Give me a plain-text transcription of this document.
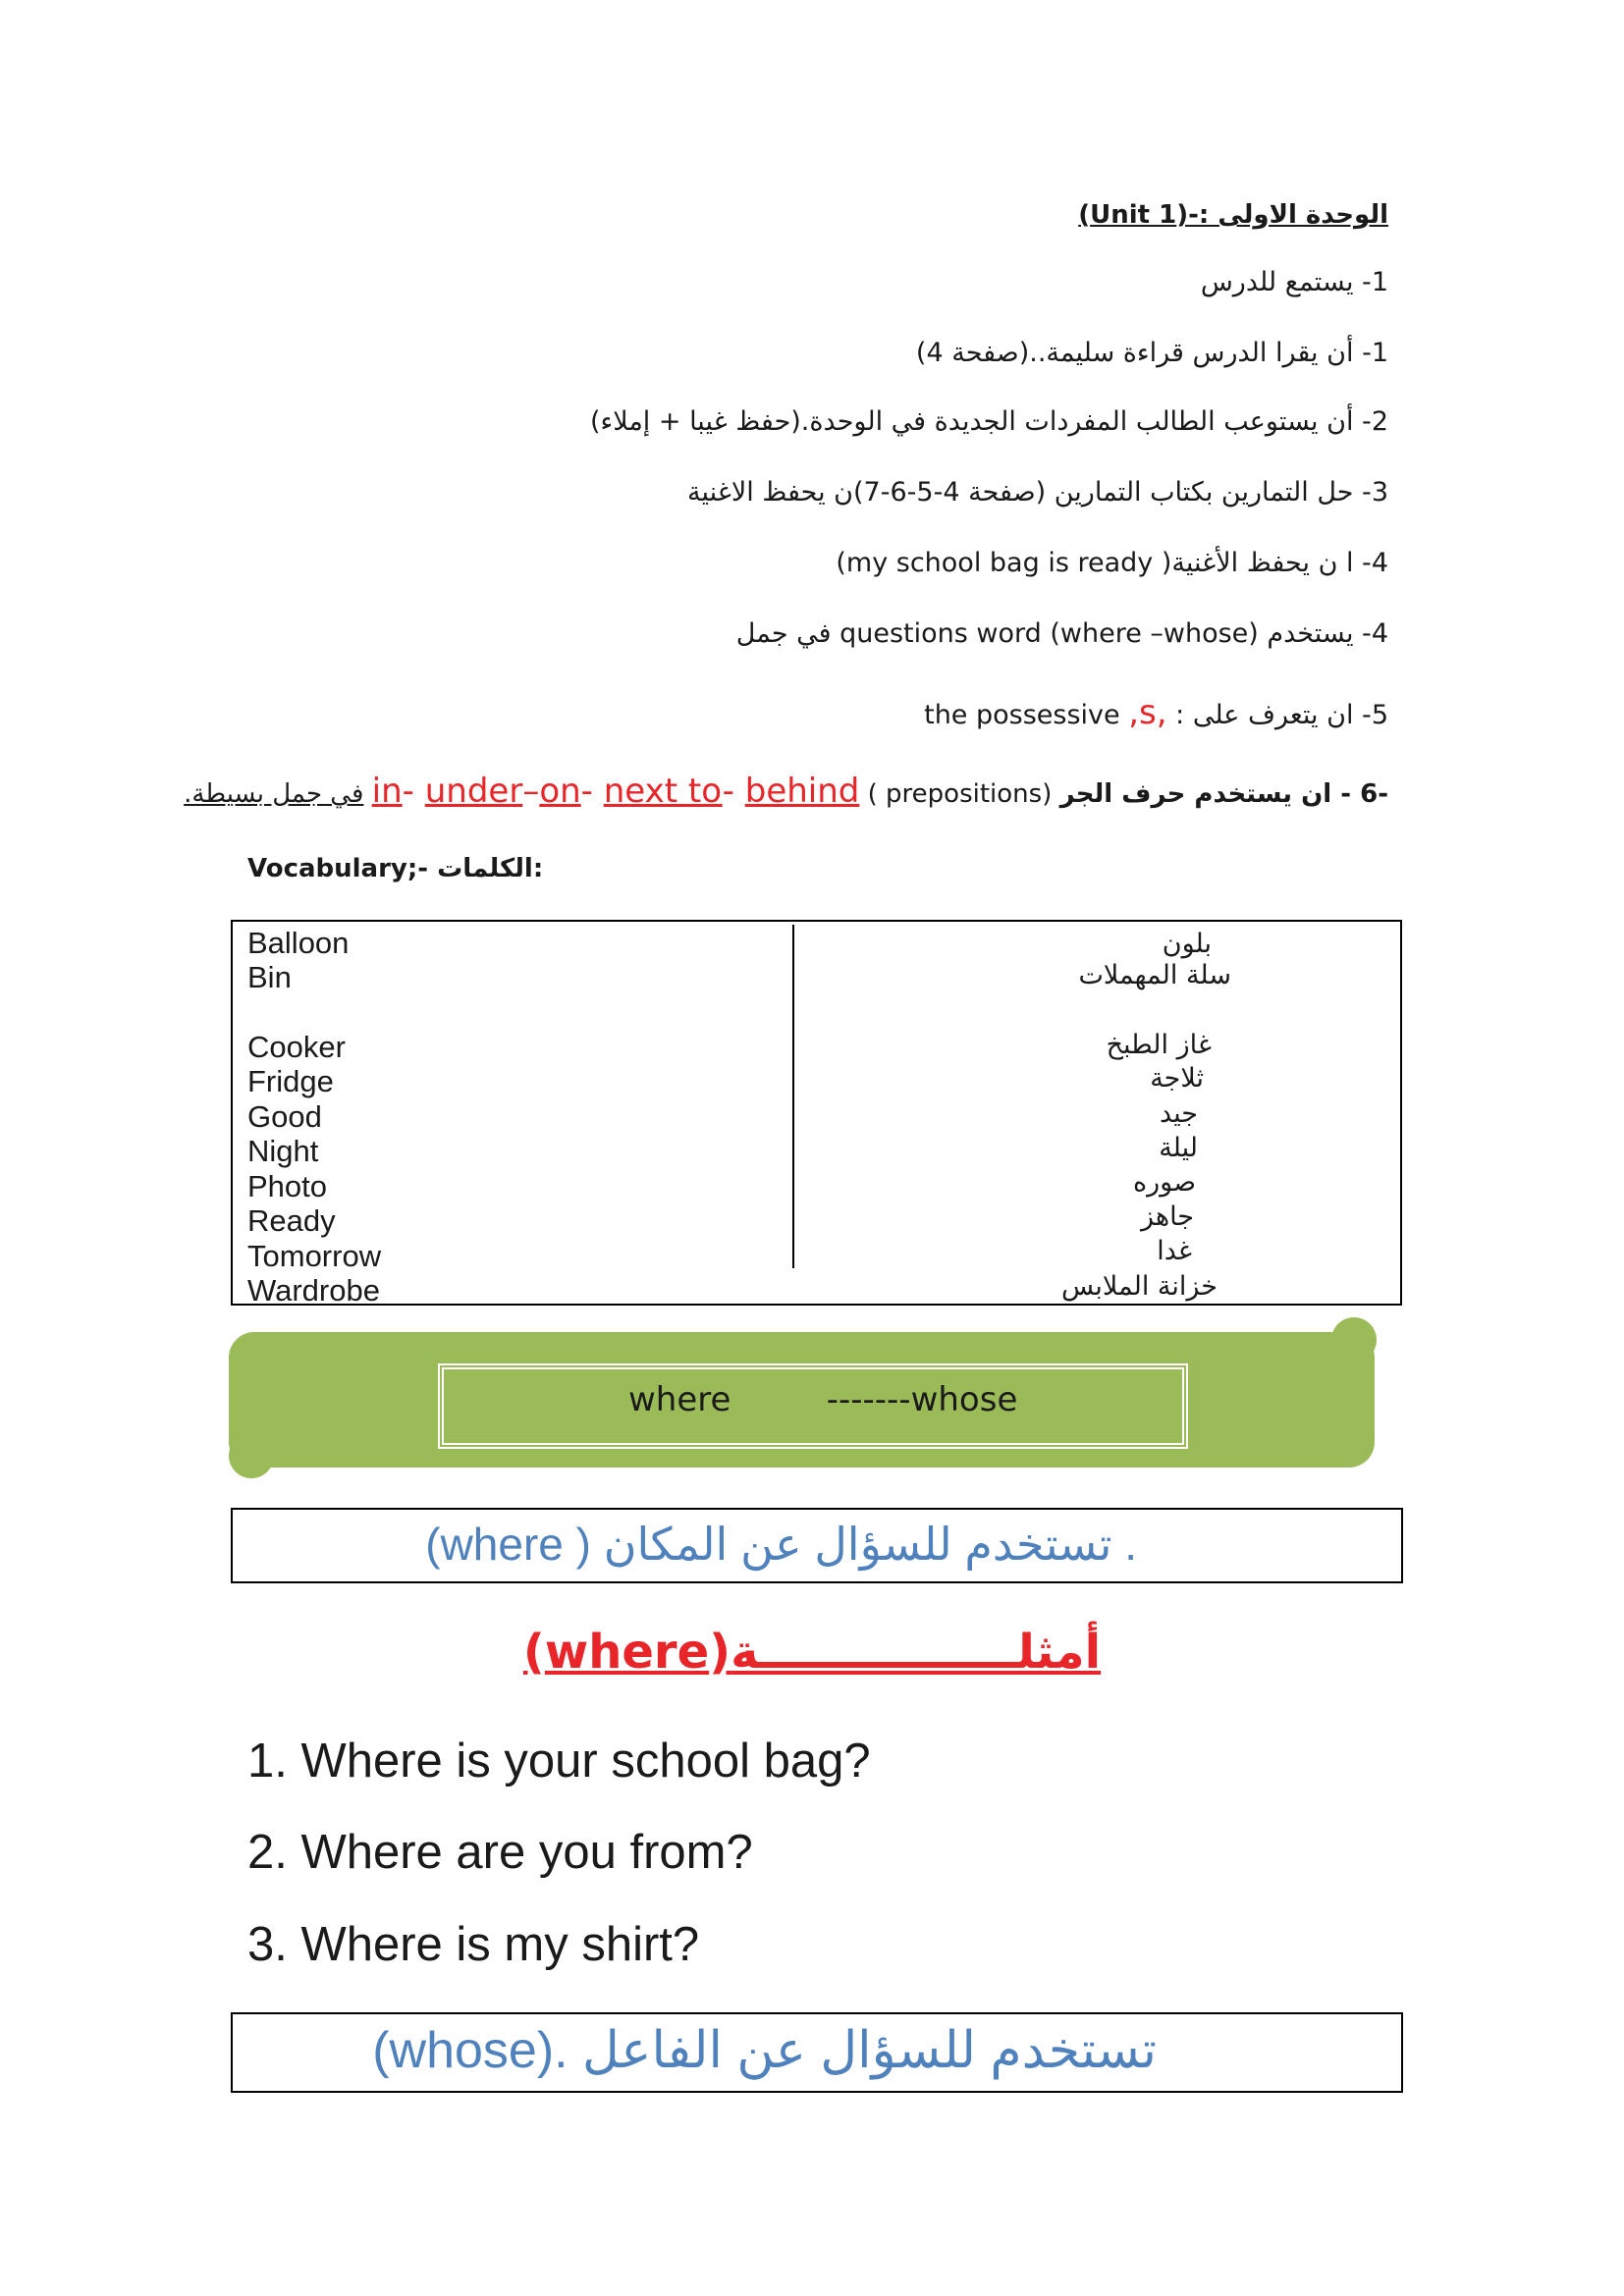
الوحدة الاولى :-(Unit 1)
1- يستمع للدرس
1- أن يقرا الدرس قراءة سليمة..(صفحة 4)
2- أن يستوعب الطالب المفردات الجديدة في الوحدة.(حفظ غيبا + إملاء)
3- حل التمارين بكتاب التمارين (صفحة 4-5-6-7)ن يحفظ الاغنية
4- ا ن يحفظ الأغنية( my school bag is ready)
4- يستخدم (where –whose) questions word في جمل
5- ان يتعرف على : ,s, the possessive
-6 - ان يستخدم حرف الجر ( prepositions) in- under–on- next to- behind في جمل بسيطة.
Vocabulary;- الكلمات:
Balloon
Bin
Cooker
Fridge
Good
Night
Photo
Ready
Tomorrow
Wardrobe
بلون
سلة المهملات
غاز الطبخ
ثلاجة
جيد
ليلة
صوره
جاهز
غدا
خزانة الملابس
where         -------whose
(where ) تستخدم للسؤال عن المكان .
أمثلــــــــــــــــة(where)
1. Where is your school bag?
2. Where are you from?
3. Where is my shirt?
تستخدم للسؤال عن الفاعل .(whose)
